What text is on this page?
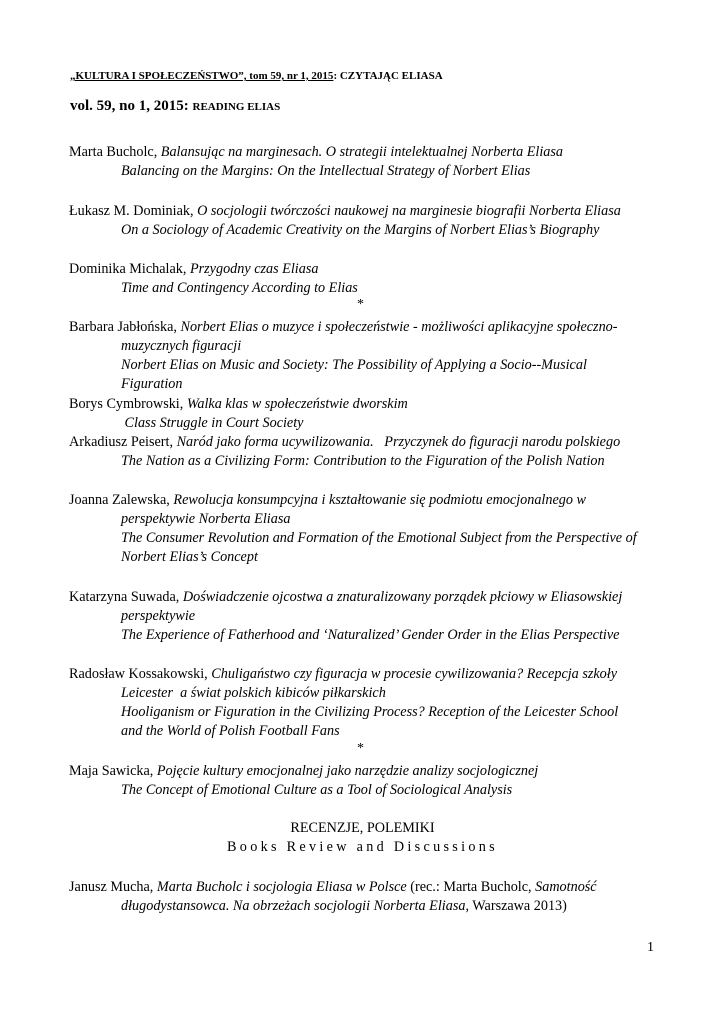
„KULTURA I SPOŁECZEŃSTWO”, tom 59, nr 1, 2015: CZYTAJĄC ELIASA
vol. 59, no 1, 2015: READING ELIAS
Marta Bucholc, Balansując na marginesach. O strategii intelektualnej Norberta Eliasa
Balancing on the Margins: On the Intellectual Strategy of Norbert Elias
Łukasz M. Dominiak, O socjologii twórczości naukowej na marginesie biografii Norberta Eliasa
On a Sociology of Academic Creativity on the Margins of Norbert Elias’s Biography
Dominika Michalak, Przygodny czas Eliasa
Time and Contingency According to Elias
*
Barbara Jabłońska, Norbert Elias o muzyce i społeczeństwie - możliwości aplikacyjne społeczno-
muzycznych figuracji
Norbert Elias on Music and Society: The Possibility of Applying a Socio--Musical
Figuration
Borys Cymbrowski, Walka klas w społeczeństwie dworskim
Class Struggle in Court Society
Arkadiusz Peisert, Naród jako forma ucywilizowania.   Przyczynek do figuracji narodu polskiego
The Nation as a Civilizing Form: Contribution to the Figuration of the Polish Nation
Joanna Zalewska, Rewolucja konsumpcyjna i kształtowanie się podmiotu emocjonalnego w
perspektywie Norberta Eliasa
The Consumer Revolution and Formation of the Emotional Subject from the Perspective of
Norbert Elias’s Concept
Katarzyna Suwada, Doświadczenie ojcostwa a znaturalizowany porządek płciowy w Eliasowskiej
perspektywie
The Experience of Fatherhood and ‘Naturalized’ Gender Order in the Elias Perspective
Radosław Kossakowski, Chuligaństwo czy figuracja w procesie cywilizowania? Recepcja szkoły
Leicester  a świat polskich kibiców piłkarskich
Hooliganism or Figuration in the Civilizing Process? Reception of the Leicester School
and the World of Polish Football Fans
*
Maja Sawicka, Pojęcie kultury emocjonalnej jako narzędzie analizy socjologicznej
The Concept of Emotional Culture as a Tool of Sociological Analysis
RECENZJE, POLEMIKI
Books Review and Discussions
Janusz Mucha, Marta Bucholc i socjologia Eliasa w Polsce (rec.: Marta Bucholc, Samotność
długodystansowca. Na obrzeżach socjologii Norberta Eliasa, Warszawa 2013)
1
